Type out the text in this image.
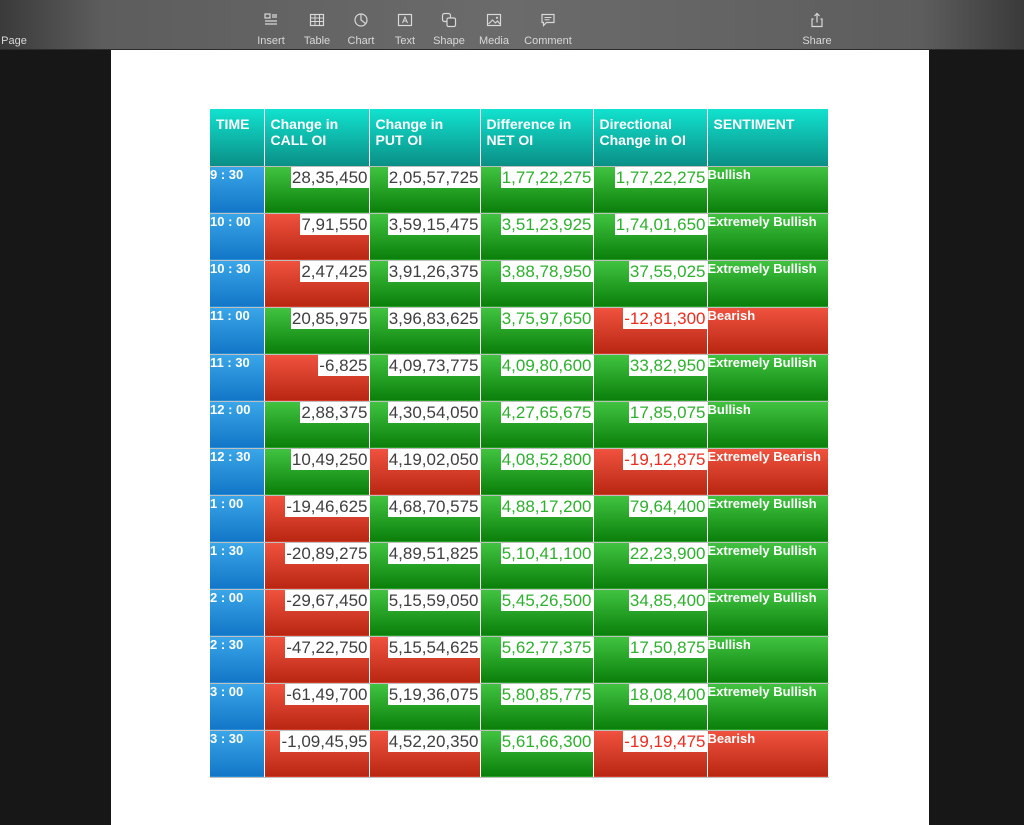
Page	Insert	Table	Chart	Text	Shape	Media	Comment	Share
TIME	Change in CALL OI	Change in PUT OI	Difference in NET OI	Directional Change in OI	SENTIMENT
9 : 30	28,35,450	2,05,57,725	1,77,22,275	1,77,22,275	Bullish
10 : 00	7,91,550	3,59,15,475	3,51,23,925	1,74,01,650	Extremely Bullish
10 : 30	2,47,425	3,91,26,375	3,88,78,950	37,55,025	Extremely Bullish
11 : 00	20,85,975	3,96,83,625	3,75,97,650	-12,81,300	Bearish
11 : 30	-6,825	4,09,73,775	4,09,80,600	33,82,950	Extremely Bullish
12 : 00	2,88,375	4,30,54,050	4,27,65,675	17,85,075	Bullish
12 : 30	10,49,250	4,19,02,050	4,08,52,800	-19,12,875	Extremely Bearish
1 : 00	-19,46,625	4,68,70,575	4,88,17,200	79,64,400	Extremely Bullish
1 : 30	-20,89,275	4,89,51,825	5,10,41,100	22,23,900	Extremely Bullish
2 : 00	-29,67,450	5,15,59,050	5,45,26,500	34,85,400	Extremely Bullish
2 : 30	-47,22,750	5,15,54,625	5,62,77,375	17,50,875	Bullish
3 : 00	-61,49,700	5,19,36,075	5,80,85,775	18,08,400	Extremely Bullish
3 : 30	-1,09,45,95	4,52,20,350	5,61,66,300	-19,19,475	Bearish
